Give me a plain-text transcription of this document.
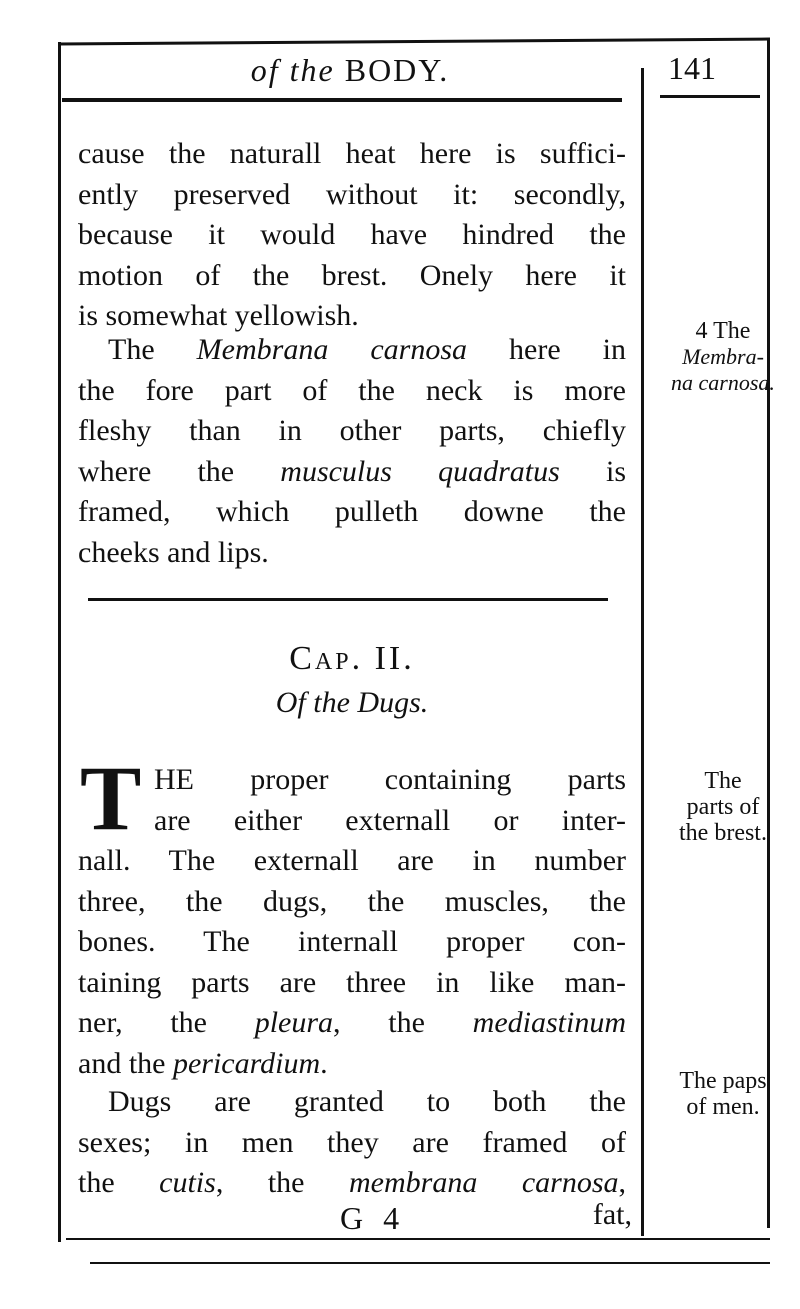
of the BODY.	141
cause the naturall heat here is suffici-
ently preserved without it: secondly,
because it would have hindred the
motion of the brest. Onely here it
is somewhat yellowish.
The Membrana carnosa here in
the fore part of the neck is more
fleshy than in other parts, chiefly
where the musculus quadratus is
framed, which pulleth downe the
cheeks and lips.
Cap. II.
Of the Dugs.
T HE proper containing parts
are either externall or inter-
nall. The externall are in number
three, the dugs, the muscles, the
bones. The internall proper con-
taining parts are three in like man-
ner, the pleura, the mediastinum
and the pericardium.
Dugs are granted to both the
sexes; in men they are framed of
the cutis, the membrana carnosa,
G 4	fat,
4 The
Membra-
na carnosa.
The
parts of
the brest.
The paps
of men.
